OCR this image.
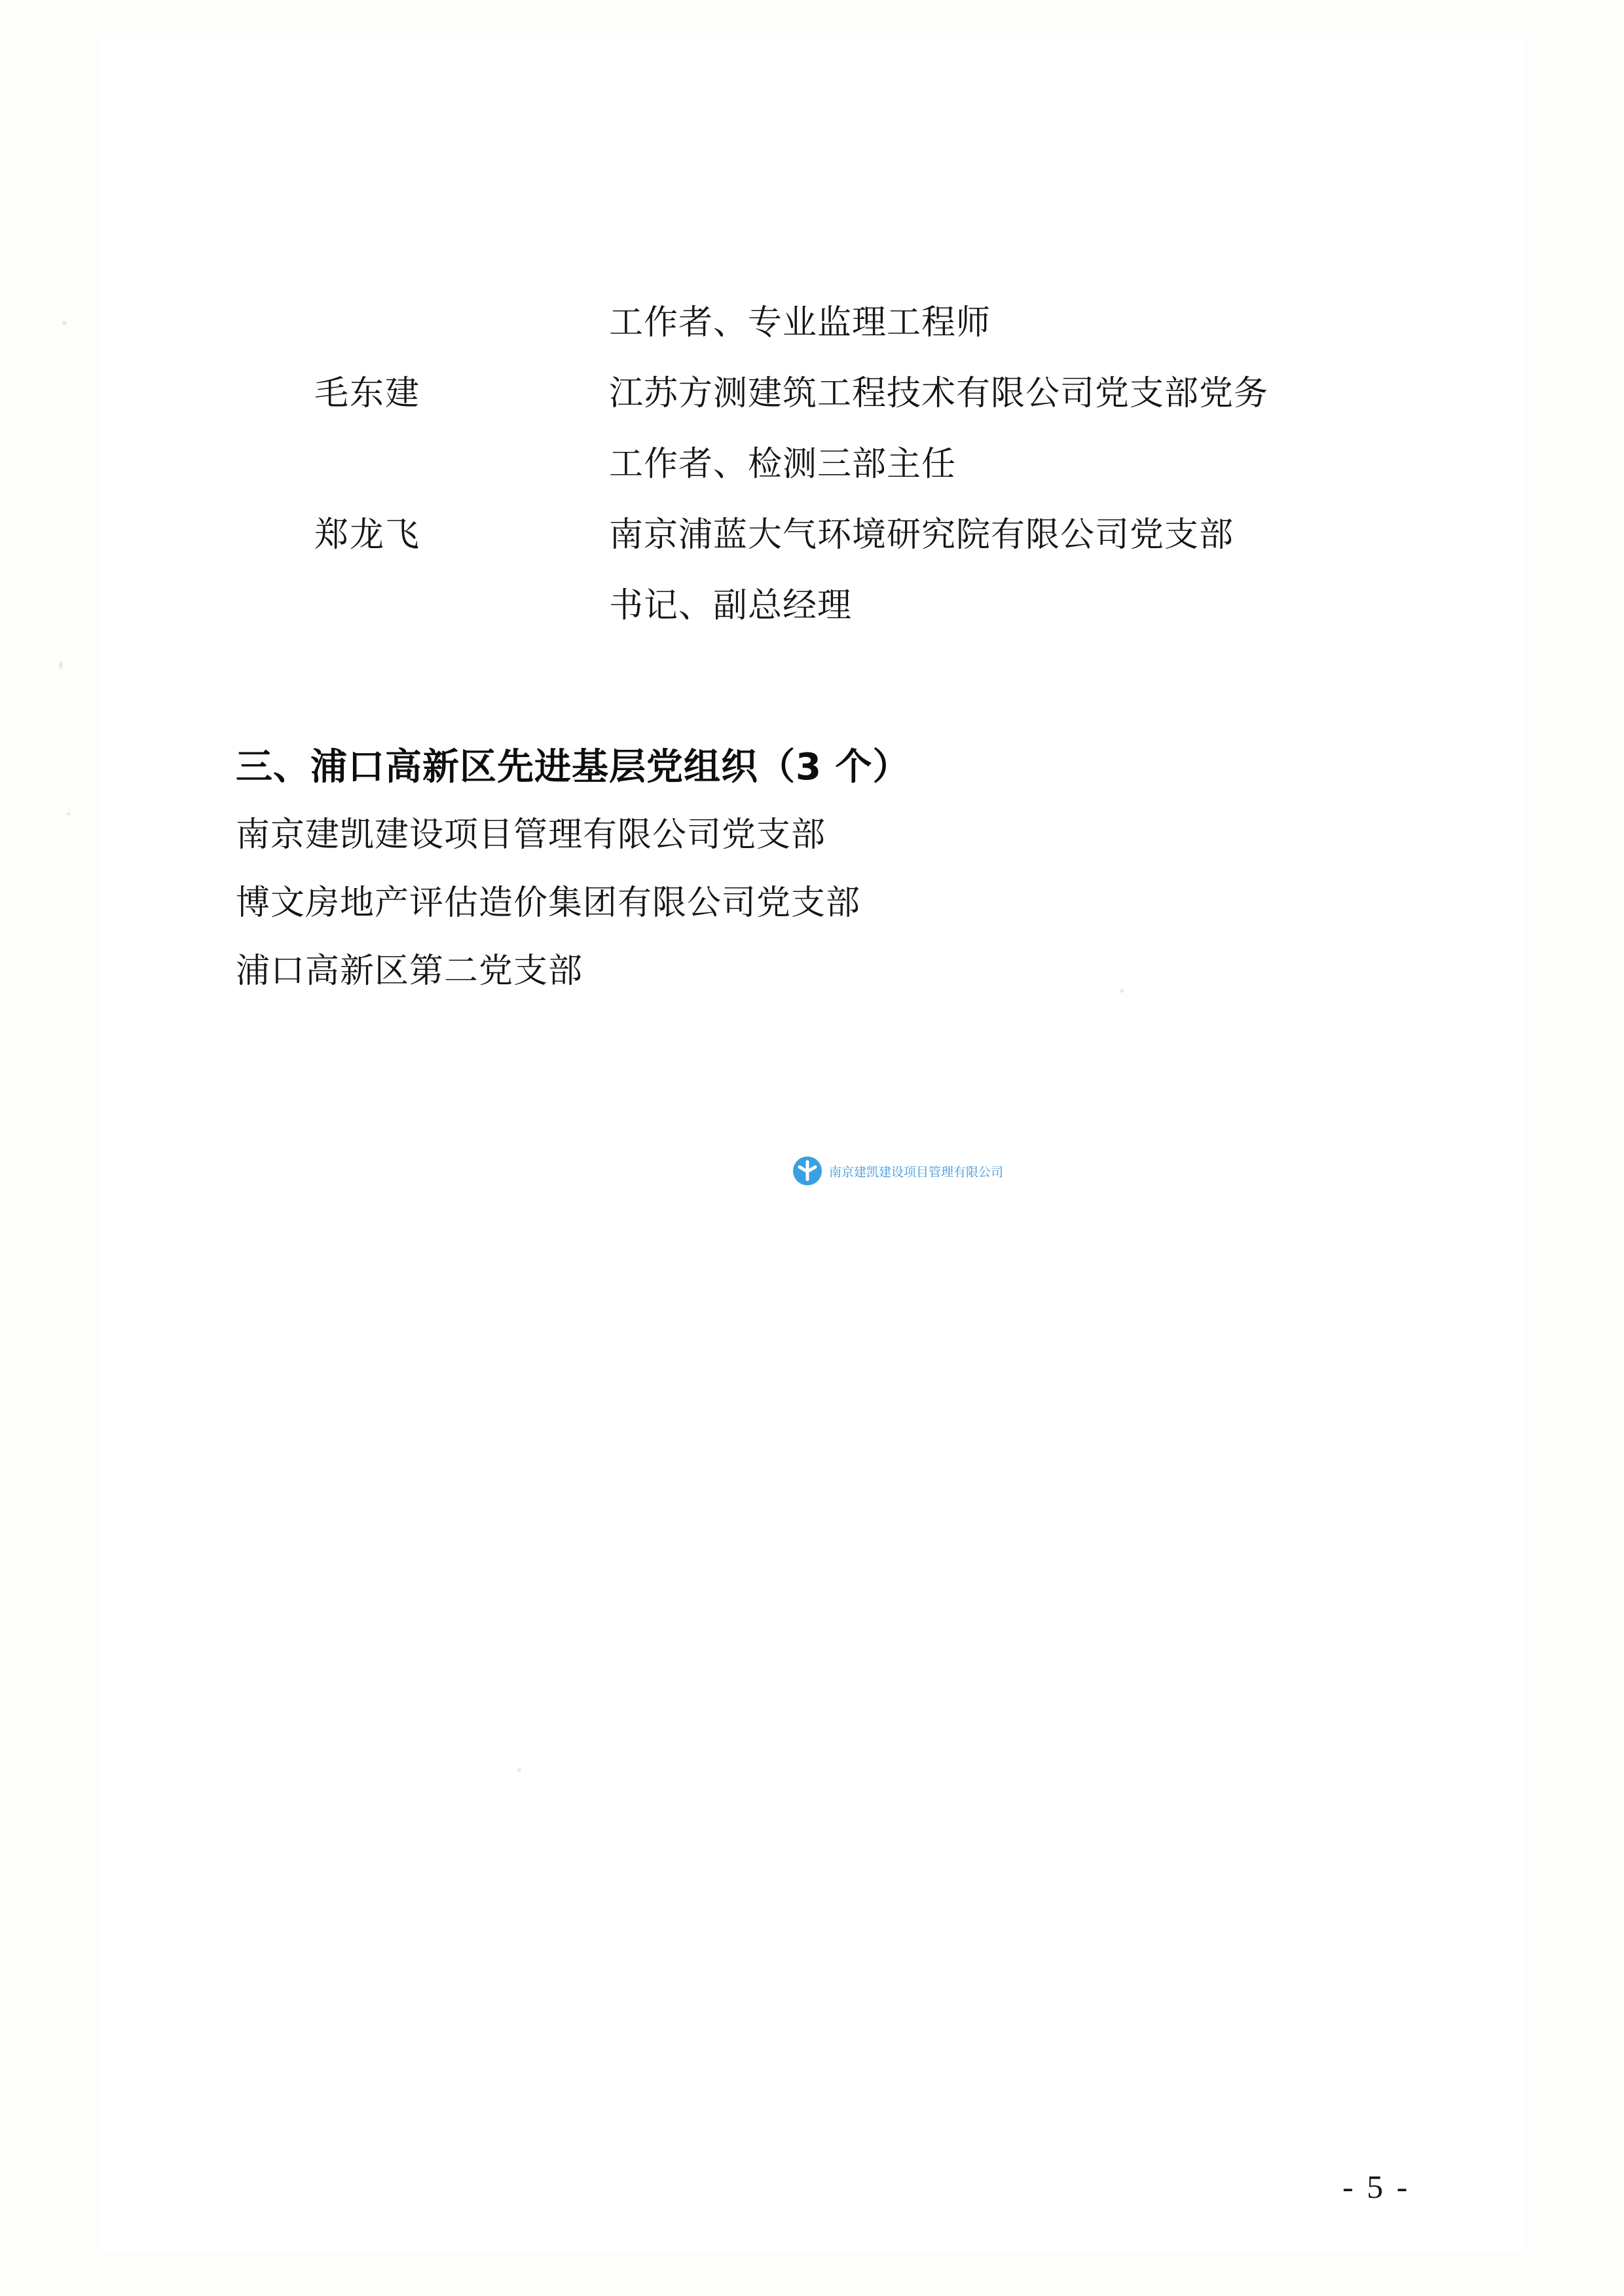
工作者、专业监理工程师
毛东建	江苏方测建筑工程技术有限公司党支部党务
工作者、检测三部主任
郑龙飞	南京浦蓝大气环境研究院有限公司党支部
书记、副总经理
三、浦口高新区先进基层党组织（3 个）
南京建凯建设项目管理有限公司党支部
博文房地产评估造价集团有限公司党支部
浦口高新区第二党支部
南京建凯建设项目管理有限公司
- 5 -
